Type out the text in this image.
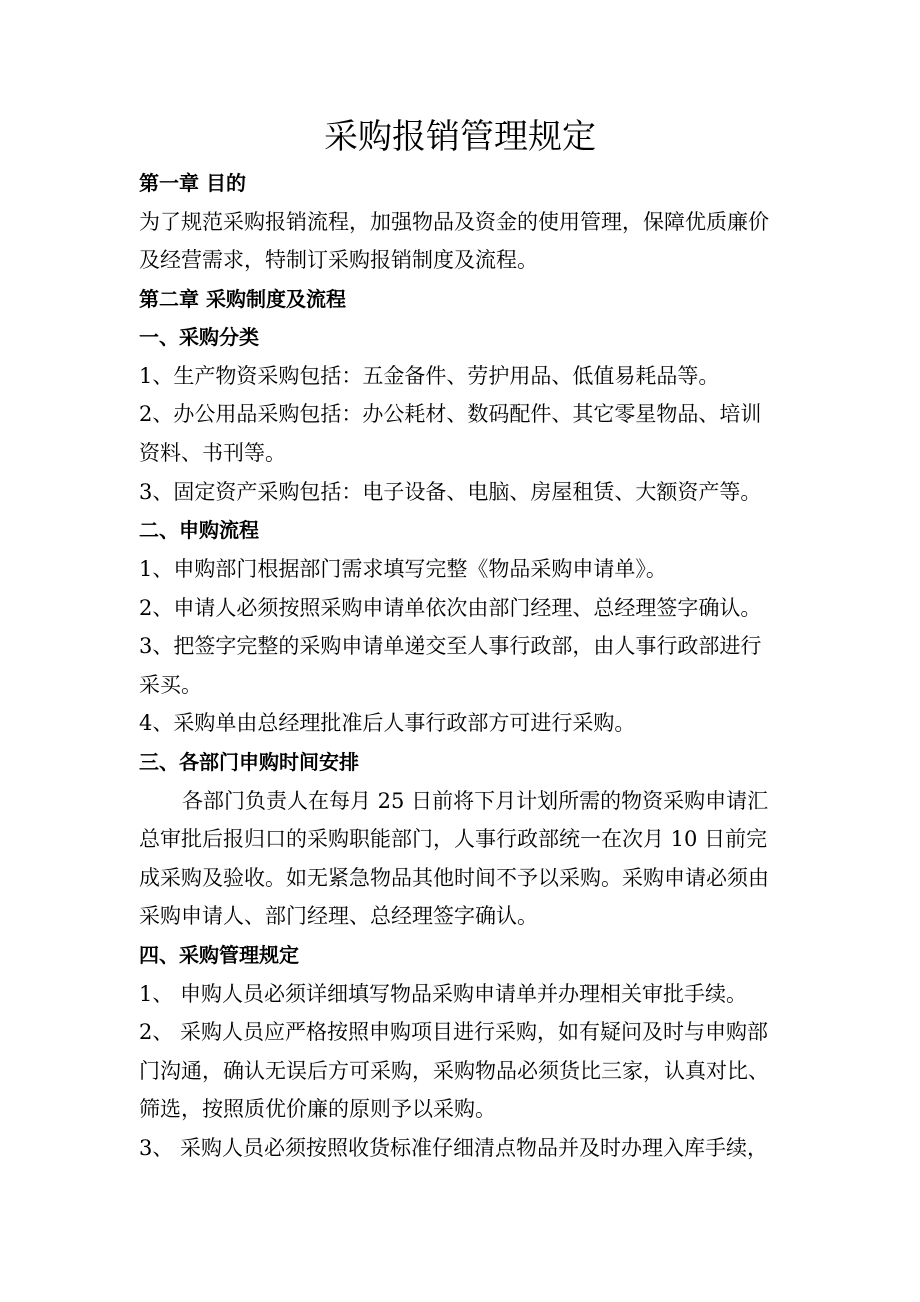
采购报销管理规定

第一章 目的

为了规范采购报销流程，加强物品及资金的使用管理，保障优质廉价

及经营需求，特制订采购报销制度及流程。

第二章 采购制度及流程

一、采购分类

1、生产物资采购包括：五金备件、劳护用品、低值易耗品等。

2、办公用品采购包括：办公耗材、数码配件、其它零星物品、培训

资料、书刊等。

3、固定资产采购包括：电子设备、电脑、房屋租赁、大额资产等。

二、申购流程

1、申购部门根据部门需求填写完整《物品采购申请单》。

2、申请人必须按照采购申请单依次由部门经理、总经理签字确认。

3、把签字完整的采购申请单递交至人事行政部，由人事行政部进行

采买。

4、采购单由总经理批准后人事行政部方可进行采购。

三、各部门申购时间安排

各部门负责人在每月 25 日前将下月计划所需的物资采购申请汇

总审批后报归口的采购职能部门，人事行政部统一在次月 10 日前完

成采购及验收。如无紧急物品其他时间不予以采购。采购申请必须由

采购申请人、部门经理、总经理签字确认。

四、采购管理规定

1、 申购人员必须详细填写物品采购申请单并办理相关审批手续。

2、 采购人员应严格按照申购项目进行采购，如有疑问及时与申购部

门沟通，确认无误后方可采购，采购物品必须货比三家，认真对比、

筛选，按照质优价廉的原则予以采购。

3、 采购人员必须按照收货标准仔细清点物品并及时办理入库手续，
